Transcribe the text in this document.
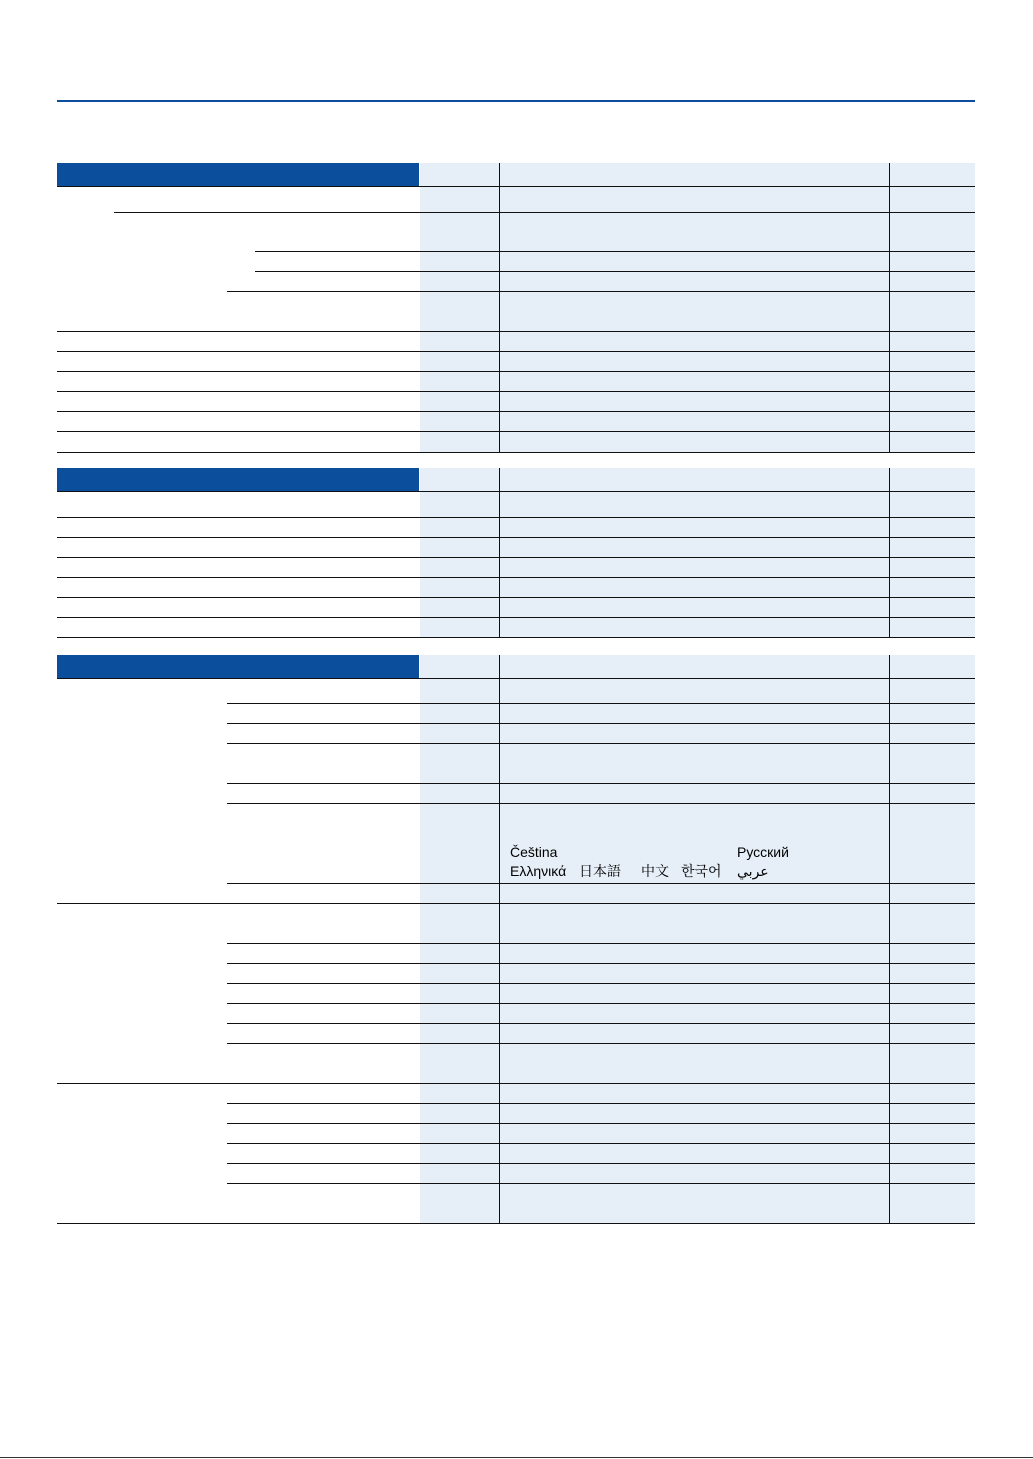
Čeština	Русский
Ελληνικά 日本語 中文 한국어 عربي
